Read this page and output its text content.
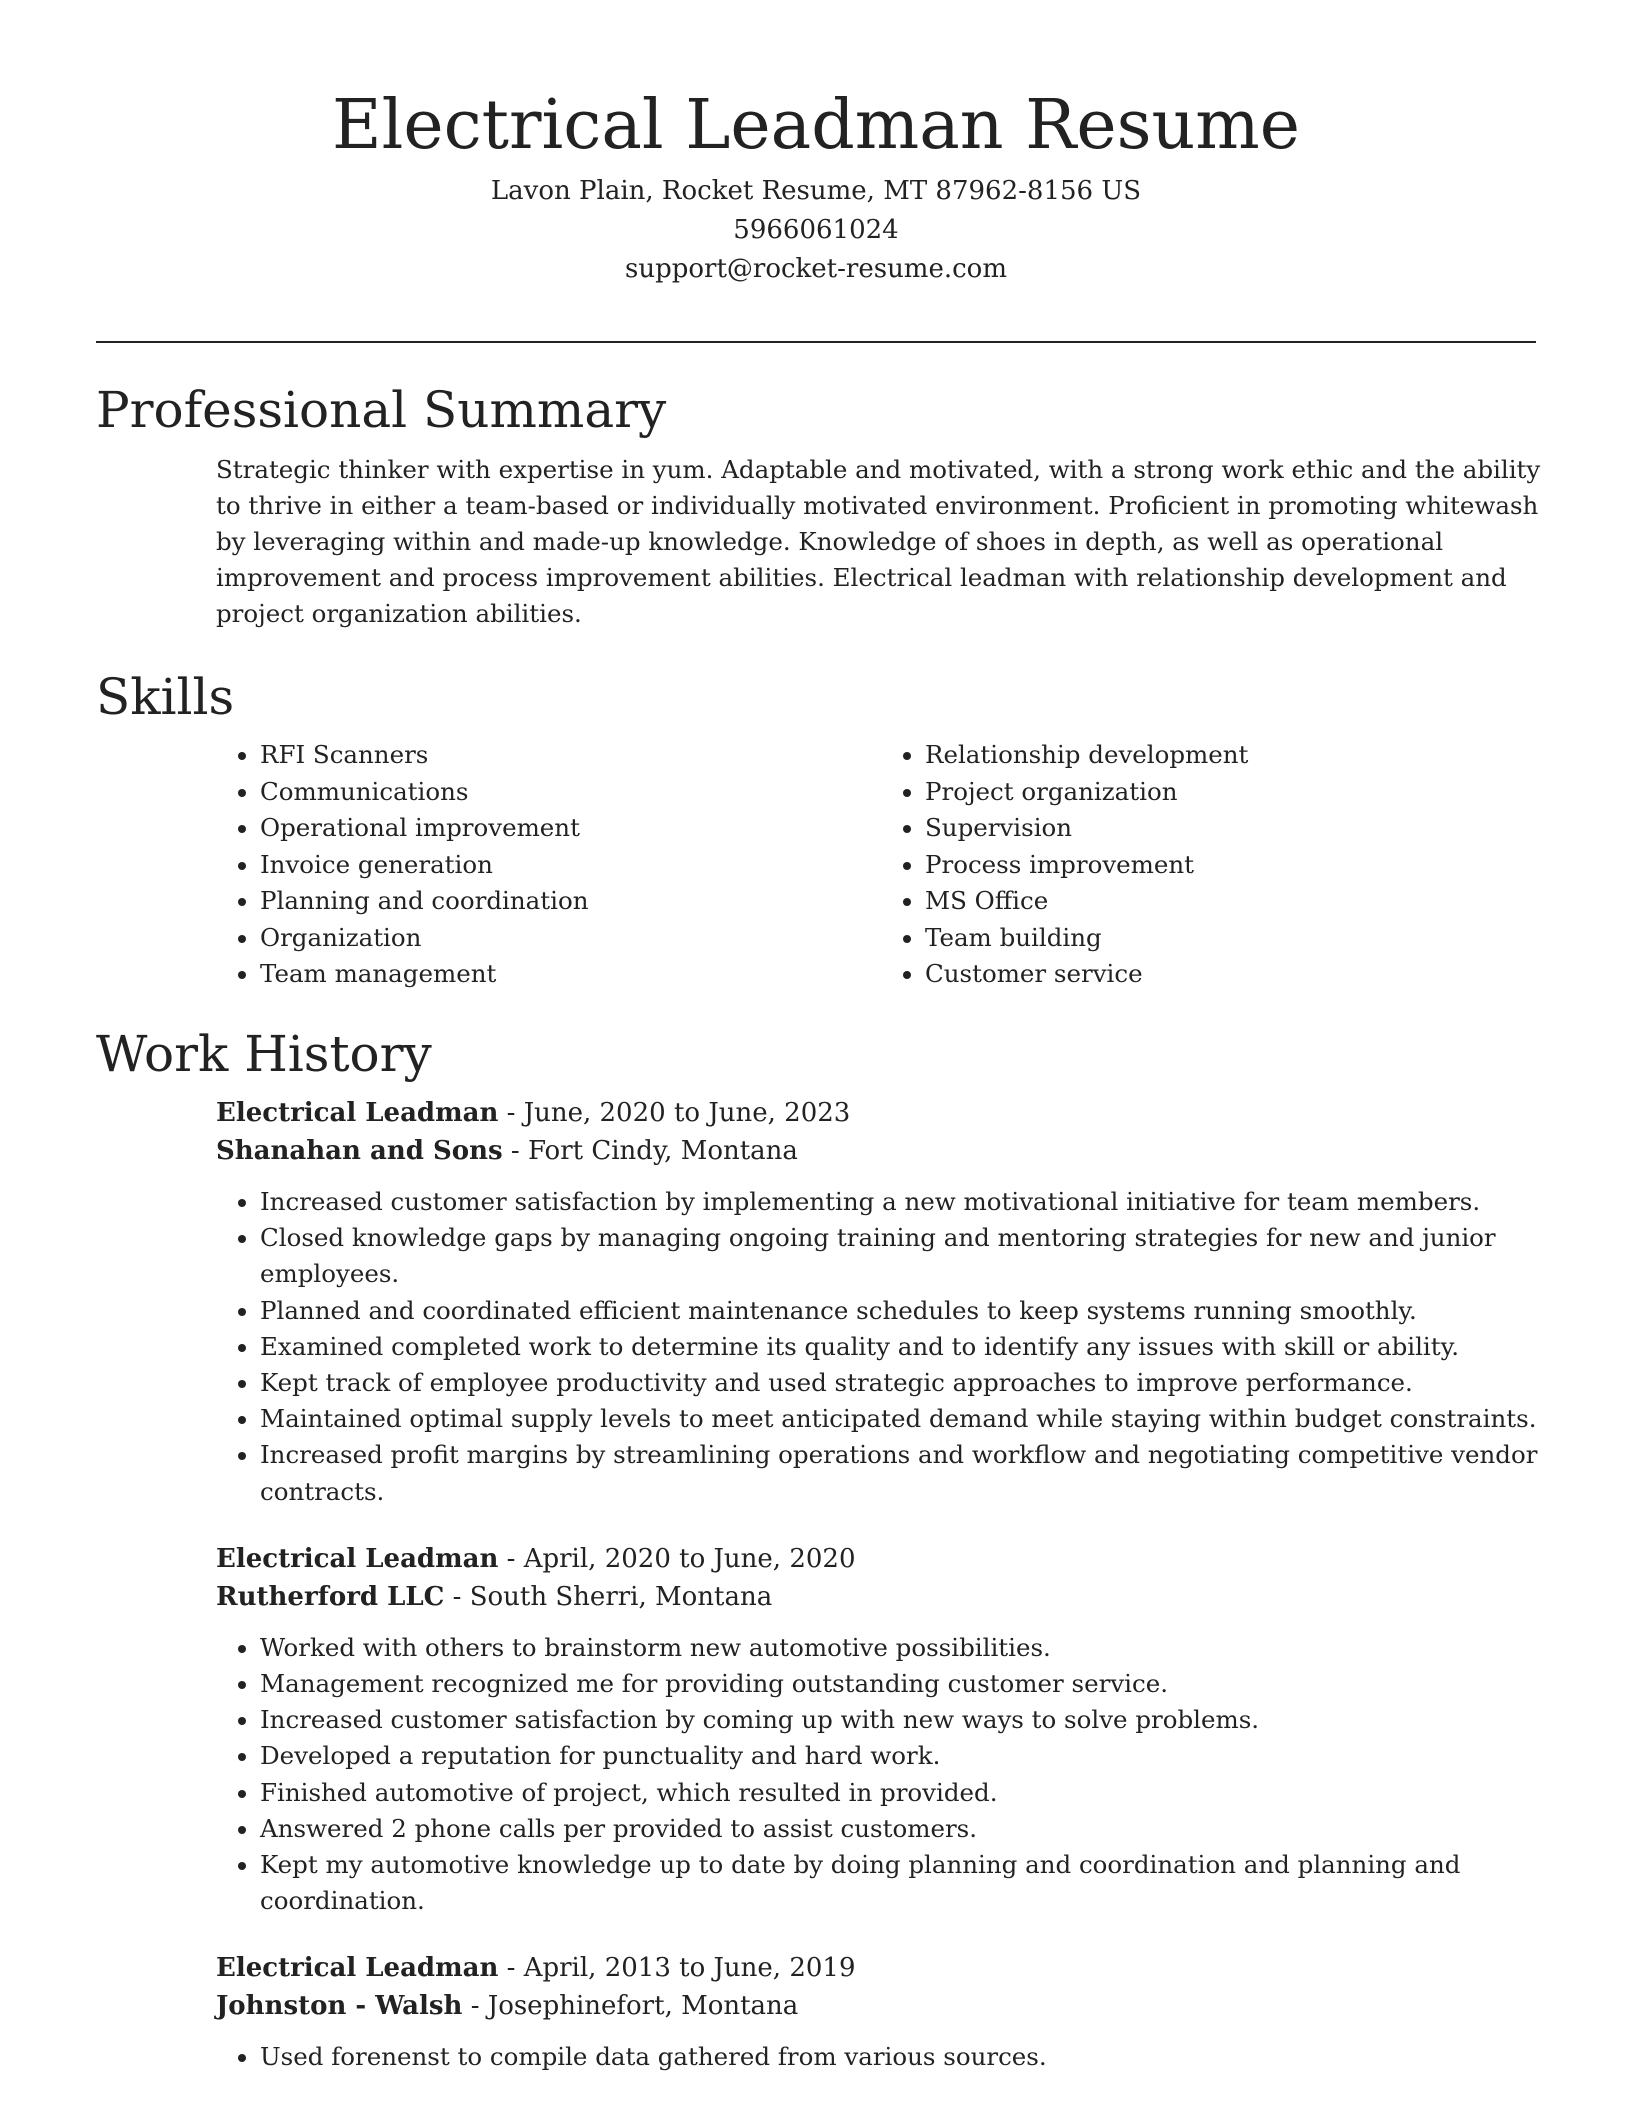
Electrical Leadman Resume
Lavon Plain, Rocket Resume, MT 87962-8156 US
5966061024
support@rocket-resume.com
Professional Summary

Strategic thinker with expertise in yum. Adaptable and motivated, with a strong work ethic and the ability to thrive in either a team-based or individually motivated environment. Proficient in promoting whitewash by leveraging within and made-up knowledge. Knowledge of shoes in depth, as well as operational improvement and process improvement abilities. Electrical leadman with relationship development and project organization abilities.

Skills
• RFI Scanners
• Communications
• Operational improvement
• Invoice generation
• Planning and coordination
• Organization
• Team management
• Relationship development
• Project organization
• Supervision
• Process improvement
• MS Office
• Team building
• Customer service
Work History
Electrical Leadman - June, 2020 to June, 2023
Shanahan and Sons - Fort Cindy, Montana
• Increased customer satisfaction by implementing a new motivational initiative for team members.
• Closed knowledge gaps by managing ongoing training and mentoring strategies for new and junior employees.
• Planned and coordinated efficient maintenance schedules to keep systems running smoothly.
• Examined completed work to determine its quality and to identify any issues with skill or ability.
• Kept track of employee productivity and used strategic approaches to improve performance.
• Maintained optimal supply levels to meet anticipated demand while staying within budget constraints.
• Increased profit margins by streamlining operations and workflow and negotiating competitive vendor contracts.
Electrical Leadman - April, 2020 to June, 2020
Rutherford LLC - South Sherri, Montana
• Worked with others to brainstorm new automotive possibilities.
• Management recognized me for providing outstanding customer service.
• Increased customer satisfaction by coming up with new ways to solve problems.
• Developed a reputation for punctuality and hard work.
• Finished automotive of project, which resulted in provided.
• Answered 2 phone calls per provided to assist customers.
• Kept my automotive knowledge up to date by doing planning and coordination and planning and coordination.
Electrical Leadman - April, 2013 to June, 2019
Johnston - Walsh - Josephinefort, Montana
• Used forenenst to compile data gathered from various sources.
